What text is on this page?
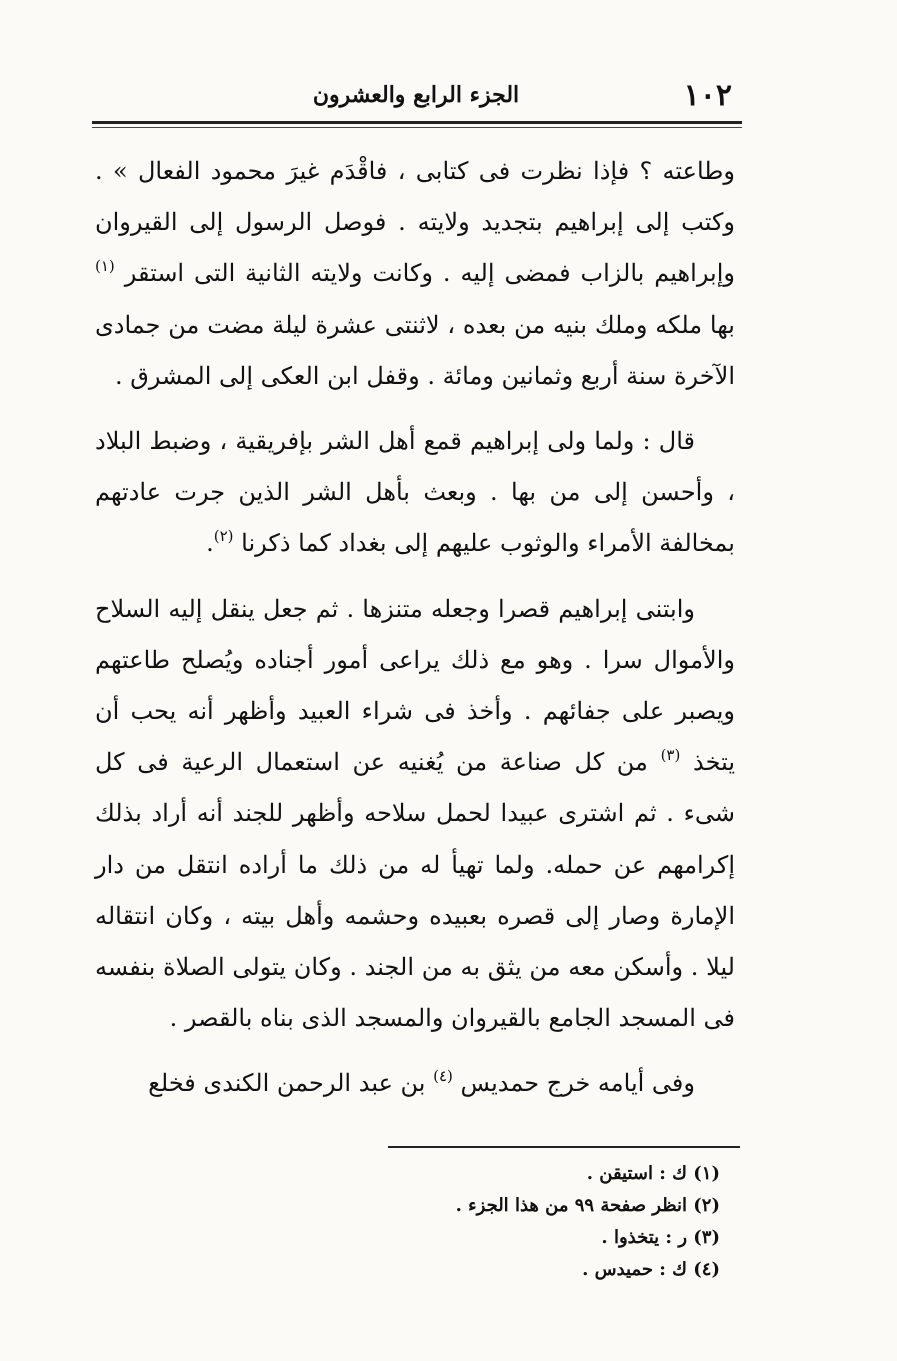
١٠٢
الجزء الرابع والعشرون

وطاعته ؟ فإذا نظرت فى كتابى ، فاقْدَم غيرَ محمود الفعال » . وكتب إلى إبراهيم بتجديد ولايته . فوصل الرسول إلى القيروان وإبراهيم بالزاب فمضى إليه . وكانت ولايته الثانية التى استقر $^{(١)}$ بها ملكه وملك بنيه من بعده ، لاثنتى عشرة ليلة مضت من جمادى الآخرة سنة أربع وثمانين ومائة . وقفل ابن العكى إلى المشرق .

قال : ولما ولى إبراهيم قمع أهل الشر بإفريقية ، وضبط البلاد ، وأحسن إلى من بها . وبعث بأهل الشر الذين جرت عادتهم بمخالفة الأمراء والوثوب عليهم إلى بغداد كما ذكرنا $^{(٢)}$.

وابتنى إبراهيم قصرا وجعله متنزها . ثم جعل ينقل إليه السلاح والأموال سرا . وهو مع ذلك يراعى أمور أجناده ويُصلح طاعتهم ويصبر على جفائهم . وأخذ فى شراء العبيد وأظهر أنه يحب أن يتخذ $^{(٣)}$ من كل صناعة من يُغنيه عن استعمال الرعية فى كل شىء . ثم اشترى عبيدا لحمل سلاحه وأظهر للجند أنه أراد بذلك إكرامهم عن حمله. ولما تهيأ له من ذلك ما أراده انتقل من دار الإمارة وصار إلى قصره بعبيده وحشمه وأهل بيته ، وكان انتقاله ليلا . وأسكن معه من يثق به من الجند . وكان يتولى الصلاة بنفسه فى المسجد الجامع بالقيروان والمسجد الذى بناه بالقصر .

وفى أيامه خرج حمديس $^{(٤)}$ بن عبد الرحمن الكندى فخلع

(١) ك : استيقن .
(٢) انظر صفحة ٩٩ من هذا الجزء .
(٣) ر : يتخذوا .
(٤) ك : حميدس .
